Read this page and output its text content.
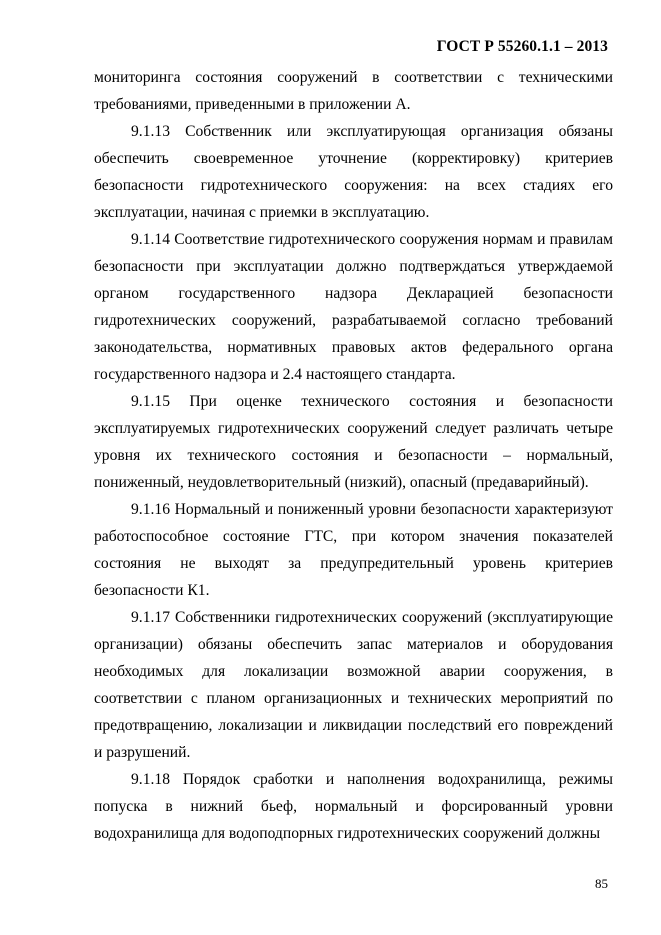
ГОСТ Р 55260.1.1 – 2013

мониторинга состояния сооружений в соответствии с техническими требованиями, приведенными в приложении А.

9.1.13 Собственник или эксплуатирующая организация обязаны обеспечить своевременное уточнение (корректировку) критериев безопасности гидротехнического сооружения: на всех стадиях его эксплуатации, начиная с приемки в эксплуатацию.

9.1.14 Соответствие гидротехнического сооружения нормам и правилам безопасности при эксплуатации должно подтверждаться утверждаемой органом государственного надзора Декларацией безопасности гидротехнических сооружений, разрабатываемой согласно требований законодательства, нормативных правовых актов федерального органа государственного надзора и 2.4 настоящего стандарта.

9.1.15 При оценке технического состояния и безопасности эксплуатируемых гидротехнических сооружений следует различать четыре уровня их технического состояния и безопасности – нормальный, пониженный, неудовлетворительный (низкий), опасный (предаварийный).

9.1.16 Нормальный и пониженный уровни безопасности характеризуют работоспособное состояние ГТС, при котором значения показателей состояния не выходят за предупредительный уровень критериев безопасности К1.

9.1.17 Собственники гидротехнических сооружений (эксплуатирующие организации) обязаны обеспечить запас материалов и оборудования необходимых для локализации возможной аварии сооружения, в соответствии с планом организационных и технических мероприятий по предотвращению, локализации и ликвидации последствий его повреждений и разрушений.

9.1.18 Порядок сработки и наполнения водохранилища, режимы попуска в нижний бьеф, нормальный и форсированный уровни водохранилища для водоподпорных гидротехнических сооружений должны

85
